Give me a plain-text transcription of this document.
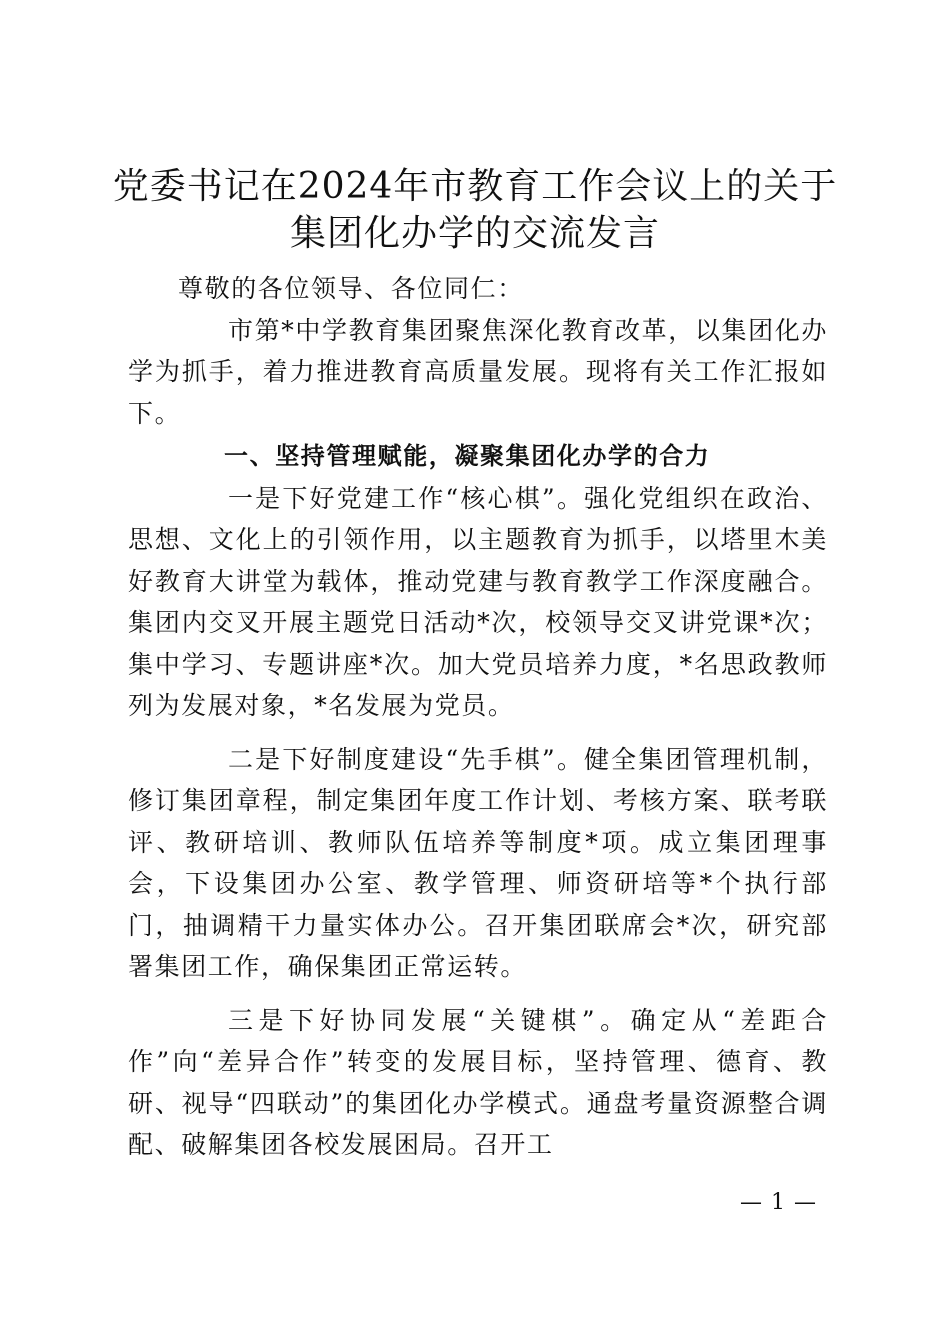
党委书记在2024年市教育工作会议上的关于
集团化办学的交流发言

尊敬的各位领导、各位同仁：

市第*中学教育集团聚焦深化教育改革，以集团化办学为抓手，着力推进教育高质量发展。现将有关工作汇报如下。

一、坚持管理赋能，凝聚集团化办学的合力

一是下好党建工作“核心棋”。强化党组织在政治、思想、文化上的引领作用，以主题教育为抓手，以塔里木美好教育大讲堂为载体，推动党建与教育教学工作深度融合。集团内交叉开展主题党日活动*次，校领导交叉讲党课*次；集中学习、专题讲座*次。加大党员培养力度，*名思政教师列为发展对象，*名发展为党员。

二是下好制度建设“先手棋”。健全集团管理机制，修订集团章程，制定集团年度工作计划、考核方案、联考联评、教研培训、教师队伍培养等制度*项。成立集团理事会，下设集团办公室、教学管理、师资研培等*个执行部门，抽调精干力量实体办公。召开集团联席会*次，研究部署集团工作，确保集团正常运转。

三是下好协同发展“关键棋”。确定从“差距合作”向“差异合作”转变的发展目标，坚持管理、德育、教研、视导“四联动”的集团化办学模式。通盘考量资源整合调配、破解集团各校发展困局。召开工

— 1 —
